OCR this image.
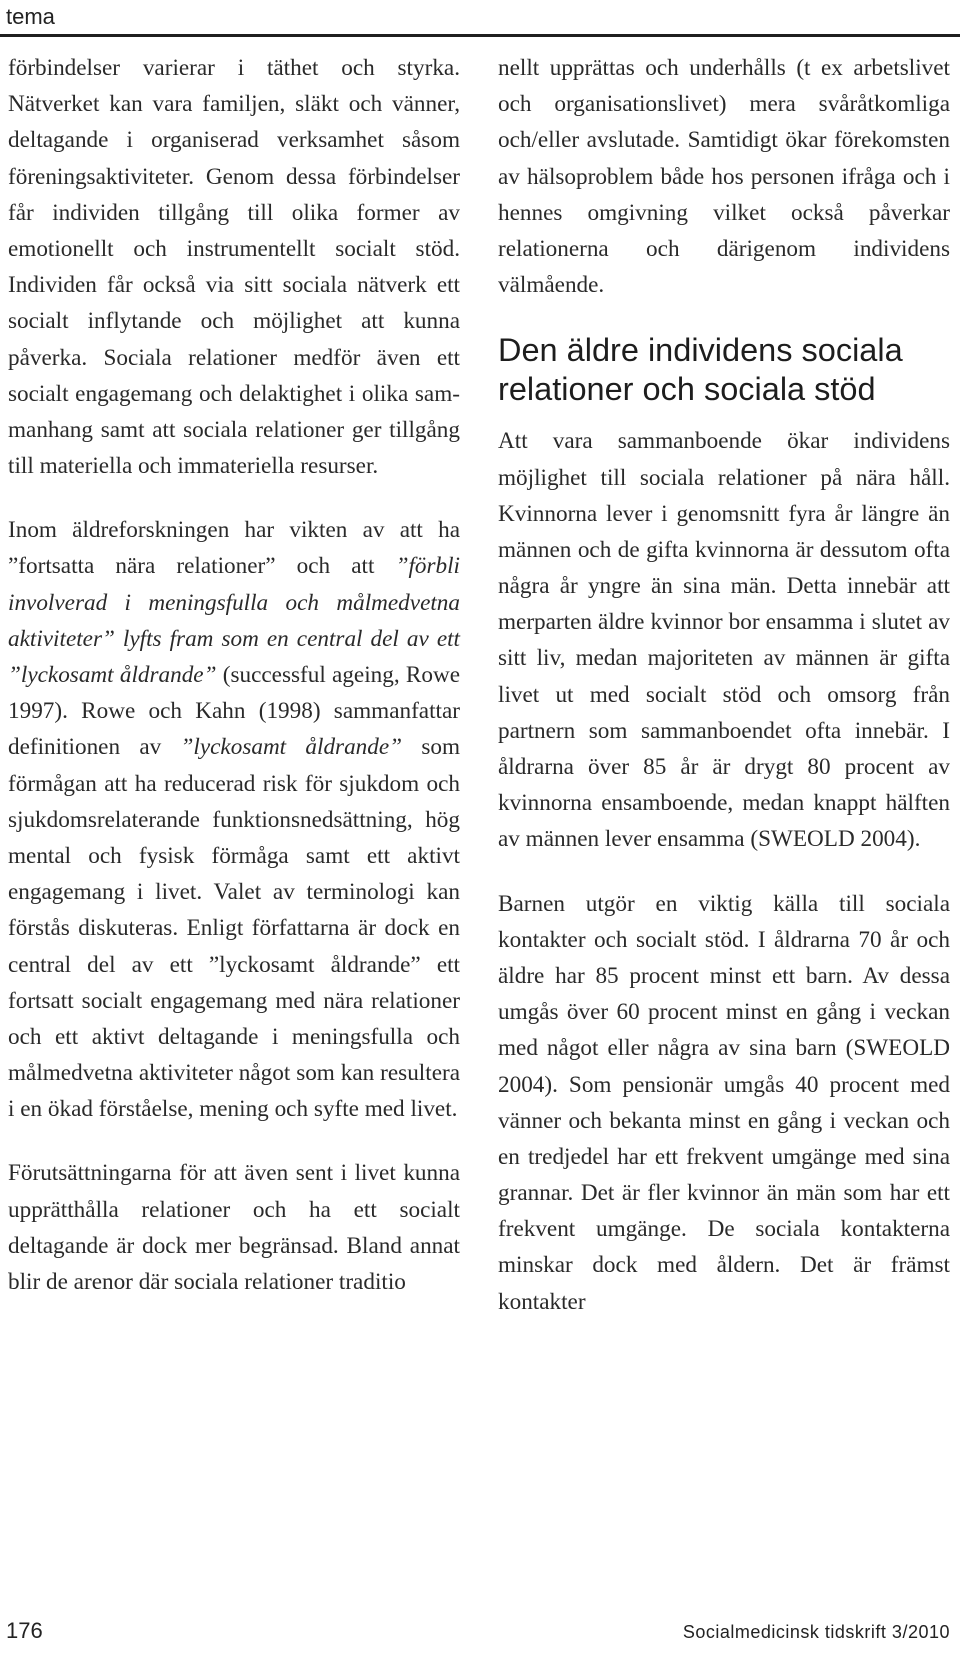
tema

förbindelser varierar i täthet och styrka. Nätverket kan vara familjen, släkt och vänner, deltagande i organiserad verksamhet såsom föreningsaktiviteter. Genom dessa förbindelser får individen tillgång till olika former av emotionellt och instrumentellt socialt stöd. Individen får också via sitt sociala nätverk ett socialt inflytande och möjlighet att kunna påverka. Sociala relationer medför även ett socialt engagemang och delaktighet i olika sammanhang samt att sociala relationer ger tillgång till materiella och immateriella resurser.

Inom äldreforskningen har vikten av att ha ”fortsatta nära relationer” och att ”förbli involverad i meningsfulla och målmedvetna aktiviteter” lyfts fram som en central del av ett ”lyckosamt åldrande” (successful ageing, Rowe 1997). Rowe och Kahn (1998) sammanfattar definitionen av ”lyckosamt åldrande” som förmågan att ha reducerad risk för sjukdom och sjukdomsrelaterande funktionsnedsättning, hög mental och fysisk förmåga samt ett aktivt engagemang i livet. Valet av terminologi kan förstås diskuteras. Enligt författarna är dock en central del av ett ”lyckosamt åldrande” ett fortsatt socialt engagemang med nära relationer och ett aktivt deltagande i meningsfulla och målmedvetna aktiviteter något som kan resultera i en ökad förståelse, mening och syfte med livet.

Förutsättningarna för att även sent i livet kunna upprätthålla relationer och ha ett socialt deltagande är dock mer begränsad. Bland annat blir de arenor där sociala relationer traditio

nellt upprättas och underhålls (t ex arbetslivet och organisationslivet) mera svåråtkomliga och/eller avslutade. Samtidigt ökar förekomsten av hälsoproblem både hos personen ifråga och i hennes omgivning vilket också påverkar relationerna och därigenom individens välmående.

Den äldre individens sociala relationer och sociala stöd

Att vara sammanboende ökar individens möjlighet till sociala relationer på nära håll. Kvinnorna lever i genomsnitt fyra år längre än männen och de gifta kvinnorna är dessutom ofta några år yngre än sina män. Detta innebär att merparten äldre kvinnor bor ensamma i slutet av sitt liv, medan majoriteten av männen är gifta livet ut med socialt stöd och omsorg från partnern som sammanboendet ofta innebär. I åldrarna över 85 år är drygt 80 procent av kvinnorna ensamboende, medan knappt hälften av männen lever ensamma (SWEOLD 2004).

Barnen utgör en viktig källa till sociala kontakter och socialt stöd. I åldrarna 70 år och äldre har 85 procent minst ett barn. Av dessa umgås över 60 procent minst en gång i veckan med något eller några av sina barn (SWEOLD 2004). Som pensionär umgås 40 procent med vänner och bekanta minst en gång i veckan och en tredjedel har ett frekvent umgänge med sina grannar. Det är fler kvinnor än män som har ett frekvent umgänge. De sociala kontakterna minskar dock med åldern. Det är främst kontakter

176	Socialmedicinsk tidskrift 3/2010
